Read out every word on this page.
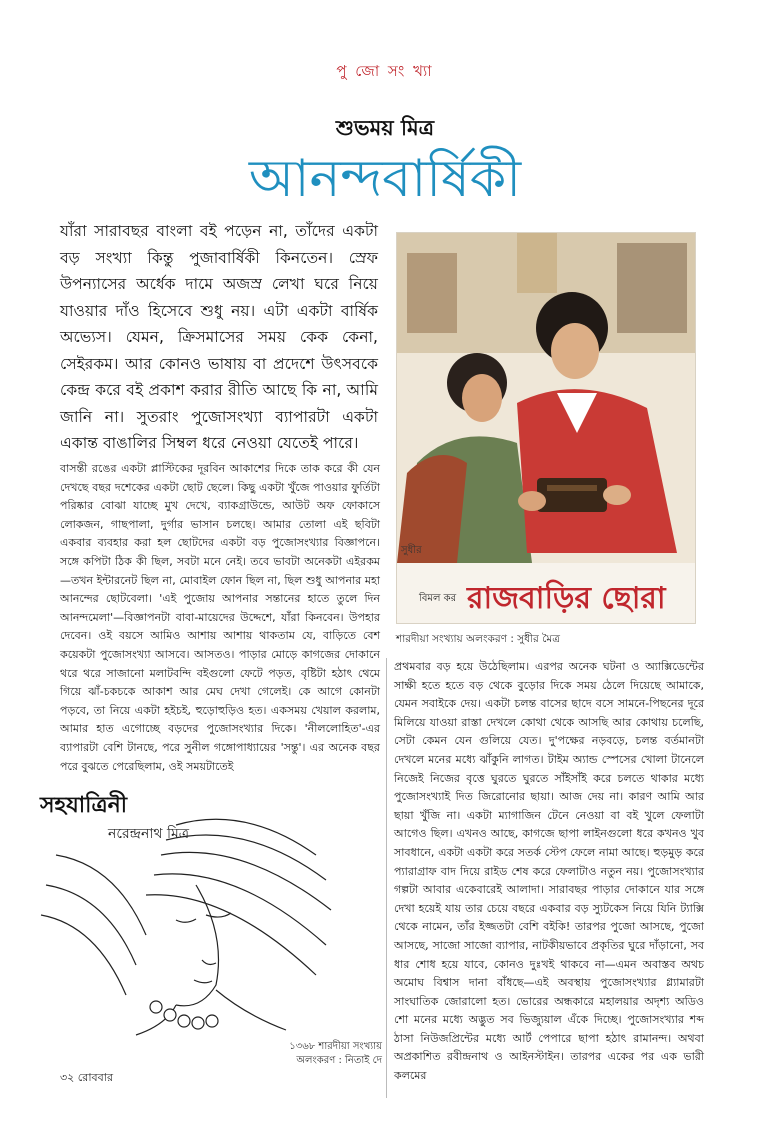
পু জো সং খ্যা
শুভময় মিত্র
আনন্দবার্ষিকী

যাঁরা সারাবছর বাংলা বই পড়েন না, তাঁদের একটা বড় সংখ্যা কিন্তু পুজাবার্ষিকী কিনতেন। স্রেফ উপন্যাসের অর্ধেক দামে অজস্র লেখা ঘরে নিয়ে যাওয়ার দাঁও হিসেবে শুধু নয়। এটা একটা বার্ষিক অভ্যেস। যেমন, ক্রিসমাসের সময় কেক কেনা, সেইরকম। আর কোনও ভাষায় বা প্রদেশে উৎসবকে কেন্দ্র করে বই প্রকাশ করার রীতি আছে কি না, আমি জানি না। সুতরাং পুজোসংখ্যা ব্যাপারটা একটা একান্ত বাঙালির সিম্বল ধরে নেওয়া যেতেই পারে।

সুধীর
বিমল কর রাজবাড়ির ছোরা
শারদীয়া সংখ্যায় অলংকরণ : সুধীর মৈত্র

বাসন্তী রঙের একটা প্লাস্টিকের দূরবিন আকাশের দিকে তাক করে কী যেন দেখছে বছর দশেকের একটা ছোট ছেলে। কিছু একটা খুঁজে পাওয়ার ফুর্তিটা পরিষ্কার বোঝা যাচ্ছে মুখ দেখে, ব্যাকগ্রাউন্ডে, আউট অফ ফোকাসে লোকজন, গাছপালা, দুর্গার ভাসান চলছে। আমার তোলা এই ছবিটা একবার ব্যবহার করা হল ছোটদের একটা বড় পুজোসংখ্যার বিজ্ঞাপনে। সঙ্গে কপিটা ঠিক কী ছিল, সবটা মনে নেই। তবে ভাবটা অনেকটা এইরকম—তখন ইন্টারনেট ছিল না, মোবাইল ফোন ছিল না, ছিল শুধু আপনার মহা আনন্দের ছোটবেলা। 'এই পুজোয় আপনার সন্তানের হাতে তুলে দিন আনন্দমেলা'—বিজ্ঞাপনটা বাবা-মায়েদের উদ্দেশে, যাঁরা কিনবেন। উপহার দেবেন। ওই বয়সে আমিও আশায় আশায় থাকতাম যে, বাড়িতে বেশ কয়েকটা পুজোসংখ্যা আসবে। আসতও। পাড়ার মোড়ে কাগজের দোকানে থরে থরে সাজানো মলাটবন্দি বইগুলো ফেটে পড়ত, বৃষ্টিটা হঠাৎ থেমে গিয়ে ঝাঁ-চকচকে আকাশ আর মেঘ দেখা গেলেই। কে আগে কোনটা পড়বে, তা নিয়ে একটা হইচই, হুড়োহুড়িও হত। একসময় খেয়াল করলাম, আমার হাত এগোচ্ছে বড়দের পুজোসংখ্যার দিকে। 'নীললোহিত'-এর ব্যাপারটা বেশি টানছে, পরে সুনীল গঙ্গোপাধ্যায়ের 'সন্তু'। এর অনেক বছর পরে বুঝতে পেরেছিলাম, ওই সময়টাতেই

প্রথমবার বড় হয়ে উঠেছিলাম। এরপর অনেক ঘটনা ও অ্যাক্সিডেন্টের সাক্ষী হতে হতে বড় থেকে বুড়োর দিকে সময় ঠেলে দিয়েছে আমাকে, যেমন সবাইকে দেয়। একটা চলন্ত বাসের ছাদে বসে সামনে-পিছনের দূরে মিলিয়ে যাওয়া রাস্তা দেখলে কোথা থেকে আসছি আর কোথায় চলেছি, সেটা কেমন যেন গুলিয়ে যেত। দু'পক্ষের নড়বড়ে, চলন্ত বর্তমানটা দেখলে মনের মধ্যে ঝাঁকুনি লাগত। টাইম অ্যান্ড স্পেসের খোলা টানেলে নিজেই নিজের বৃত্তে ঘুরতে ঘুরতে সাঁইসাঁই করে চলতে থাকার মধ্যে পুজোসংখ্যাই দিত জিরোনোর ছায়া। আজ দেয় না। কারণ আমি আর ছায়া খুঁজি না। একটা ম্যাগাজিন টেনে নেওয়া বা বই খুলে ফেলাটা আগেও ছিল। এখনও আছে, কাগজে ছাপা লাইনগুলো ধরে কখনও খুব সাবধানে, একটা একটা করে সতর্ক স্টেপ ফেলে নামা আছে। হুড়মুড় করে প্যারাগ্রাফ বাদ দিয়ে রাইড শেষ করে ফেলাটাও নতুন নয়। পুজোসংখ্যার গল্পটা আবার একেবারেই আলাদা। সারাবছর পাড়ার দোকানে যার সঙ্গে দেখা হয়েই যায় তার চেয়ে বছরে একবার বড় স্যুটকেস নিয়ে যিনি ট্যাক্সি থেকে নামেন, তাঁর ইজ্জতটা বেশি বইকি! তারপর পুজো আসছে, পুজো আসছে, সাজো সাজো ব্যাপার, নাটকীয়ভাবে প্রকৃতির ঘুরে দাঁড়ানো, সব ধার শোধ হয়ে যাবে, কোনও দুঃখই থাকবে না—এমন অবাস্তব অথচ অমোঘ বিশ্বাস দানা বাঁধছে—এই অবস্থায় পুজোসংখ্যার গ্ল্যামারটা সাংঘাতিক জোরালো হত। ভোরের অন্ধকারে মহালয়ার অদৃশ্য অডিও শো মনের মধ্যে অদ্ভুত সব ভিজ্যুয়াল এঁকে দিচ্ছে। পুজোসংখ্যার শব্দ ঠাসা নিউজপ্রিন্টের মধ্যে আর্ট পেপারে ছাপা হঠাৎ রামানন্দ। অথবা অপ্রকাশিত রবীন্দ্রনাথ ও আইনস্টাইন। তারপর একের পর এক ভারী কলমের

সহযাত্রিনী
নরেন্দ্রনাথ মিত্র
১৩৬৮ শারদীয়া সংখ্যায় অলংকরণ : নিতাই দে
৩২ রোববার
